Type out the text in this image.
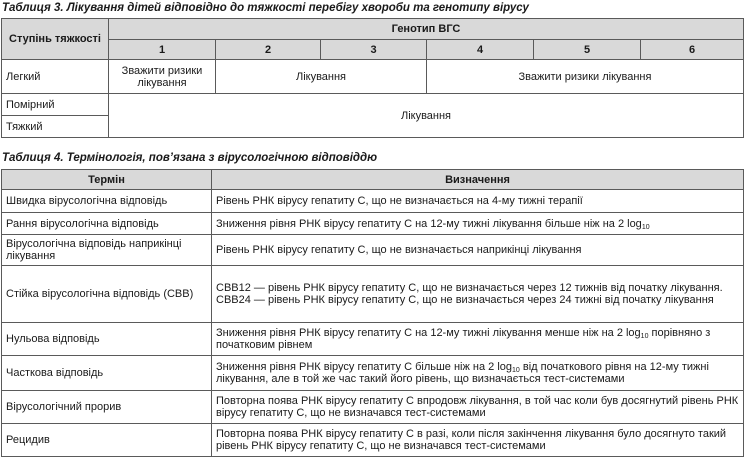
Таблиця 3. Лікування дітей відповідно до тяжкості перебігу хвороби та генотипу вірусу
Ступінь тяжкості	Генотип ВГС					
	1	2	3	4	5	6
Легкий	Зважити ризики лікування	Лікування		Зважити ризики лікування		
Помірний	Лікування					
Тяжкий						
Таблиця 4. Термінологія, пов’язана з вірусологічною відповіддю
Термін	Визначення
Швидка вірусологічна відповідь	Рівень РНК вірусу гепатиту С, що не визначається на 4-му тижні терапії
Рання вірусологічна відповідь	Зниження рівня РНК вірусу гепатиту С на 12-му тижні лікування більше ніж на 2 $\log_{10}$
Вірусологічна відповідь наприкінці лікування	Рівень РНК вірусу гепатиту С, що не визначається наприкінці лікування
Стійка вірусологічна відповідь (СВВ)	СВВ12 — рівень РНК вірусу гепатиту С, що не визначається через 12 тижнів від початку лікування.
СВВ24 — рівень РНК вірусу гепатиту С, що не визначається через 24 тижні від початку лікування

Нульова відповідь	Зниження рівня РНК вірусу гепатиту С на 12-му тижні лікування менше ніж на 2 $\log_{10}$ порівняно з початковим рівнем
Часткова відповідь	Зниження рівня РНК вірусу гепатиту С більше ніж на 2 $\log_{10}$ від початкового рівня на 12-му тижні лікування, але в той же час такий його рівень, що визначається тест-системами
Вірусологічний прорив	Повторна поява РНК вірусу гепатиту С впродовж лікування, в той час коли був досягнутий рівень РНК вірусу гепатиту С, що не визначався тест-системами
Рецидив	Повторна поява РНК вірусу гепатиту С в разі, коли після закінчення лікування було досягнуто такий рівень РНК вірусу гепатиту С, що не визначався тест-системами
